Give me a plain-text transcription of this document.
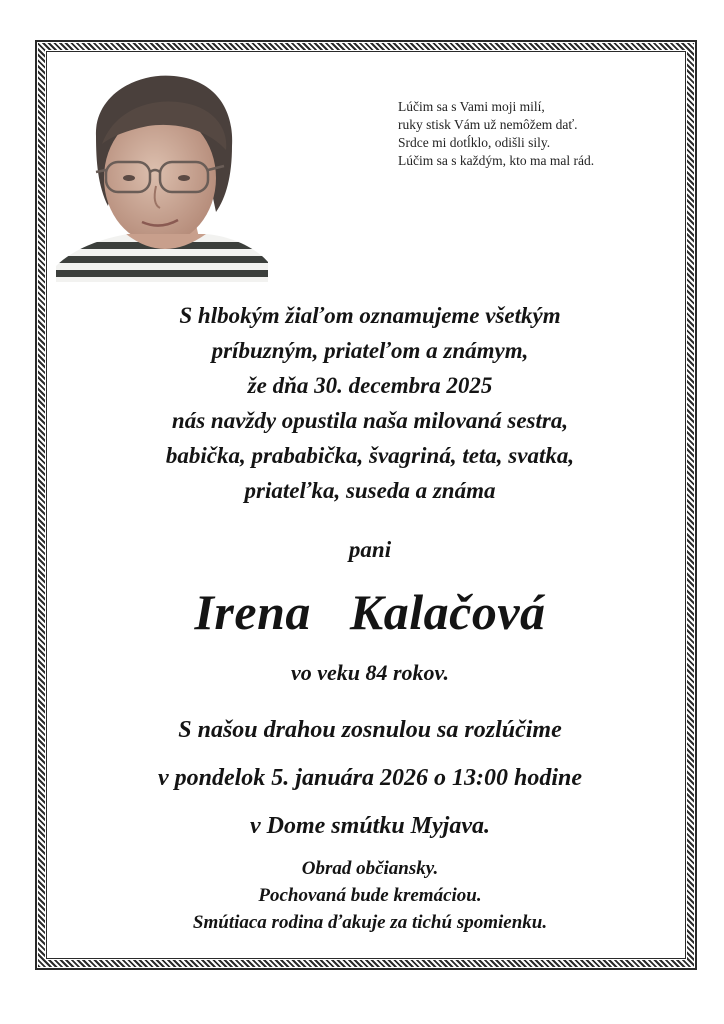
Lúčim sa s Vami moji milí,
ruky stisk Vám už nemôžem dať.
Srdce mi dotĺklo, odišli sily.
Lúčim sa s každým, kto ma mal rád.
S hlbokým žiaľom oznamujeme všetkým
príbuzným, priateľom a známym,
že dňa 30. decembra 2025
nás navždy opustila naša milovaná sestra,
babička, prababička, švagriná, teta, svatka,
priateľka, suseda a známa
pani
Irena   Kalačová
vo veku 84 rokov.
S našou drahou zosnulou sa rozlúčime
v pondelok 5. januára 2026 o 13:00 hodine
v Dome smútku Myjava.
Obrad občiansky.
Pochovaná bude kremáciou.
Smútiaca rodina ďakuje za tichú spomienku.
